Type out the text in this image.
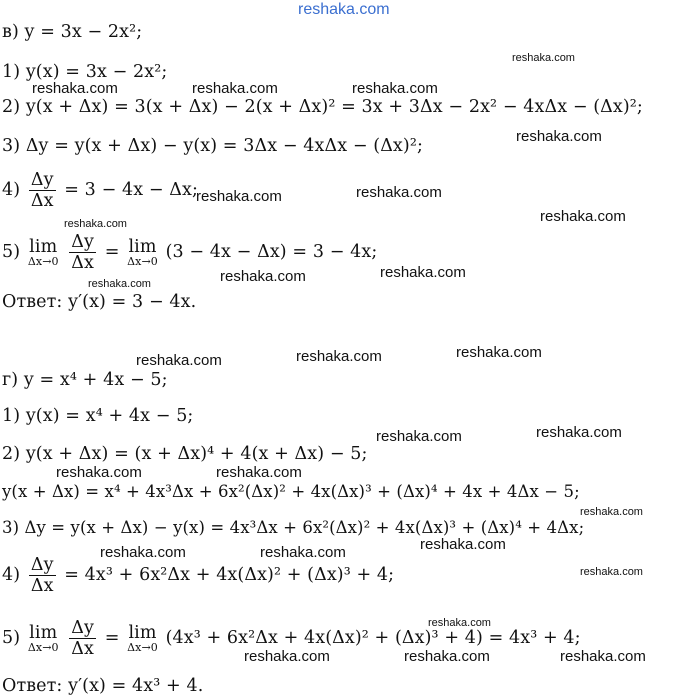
reshaka.com
в) y = 3x − 2x²;
1) y(x) = 3x − 2x²;
2) y(x + Δx) = 3(x + Δx) − 2(x + Δx)² = 3x + 3Δx − 2x² − 4xΔx − (Δx)²;
3) Δy = y(x + Δx) − y(x) = 3Δx − 4xΔx − (Δx)²;
$4) \frac{\Delta y}{\Delta x} = 3 - 4x - \Delta x$;
5) lim
Δx→0
$\frac{\Delta y}{\Delta x} = \lim$
Δx→0 (3 − 4x − Δx) = 3 − 4x;
Ответ: y′(x) = 3 − 4x.
г) y = x⁴ + 4x − 5;
1) y(x) = x⁴ + 4x − 5;
2) y(x + Δx) = (x + Δx)⁴ + 4(x + Δx) − 5;
y(x + Δx) = x⁴ + 4x³Δx + 6x²(Δx)² + 4x(Δx)³ + (Δx)⁴ + 4x + 4Δx − 5;
3) Δy = y(x + Δx) − y(x) = 4x³Δx + 6x²(Δx)² + 4x(Δx)³ + (Δx)⁴ + 4Δx;
$4) \frac{\Delta y}{\Delta x} = 4x^3 + 6x^2\Delta x + 4x(\Delta x)^2 + (\Delta x)^3 + 4$;
5) lim
Δx→0
$\frac{\Delta y}{\Delta x} = \lim$
Δx→0 (4x³ + 6x²Δx + 4x(Δx)² + (Δx)³ + 4) = 4x³ + 4;
Ответ: y′(x) = 4x³ + 4.
reshaka.com
reshaka.com	reshaka.com	reshaka.com
reshaka.com
reshaka.com	reshaka.com
reshaka.com
reshaka.com
reshaka.com	reshaka.com	reshaka.com
reshaka.com	reshaka.com	reshaka.com
reshaka.com	reshaka.com
reshaka.com	reshaka.com
reshaka.com
reshaka.com
reshaka.com	reshaka.com
reshaka.com
reshaka.com
reshaka.com	reshaka.com	reshaka.com
